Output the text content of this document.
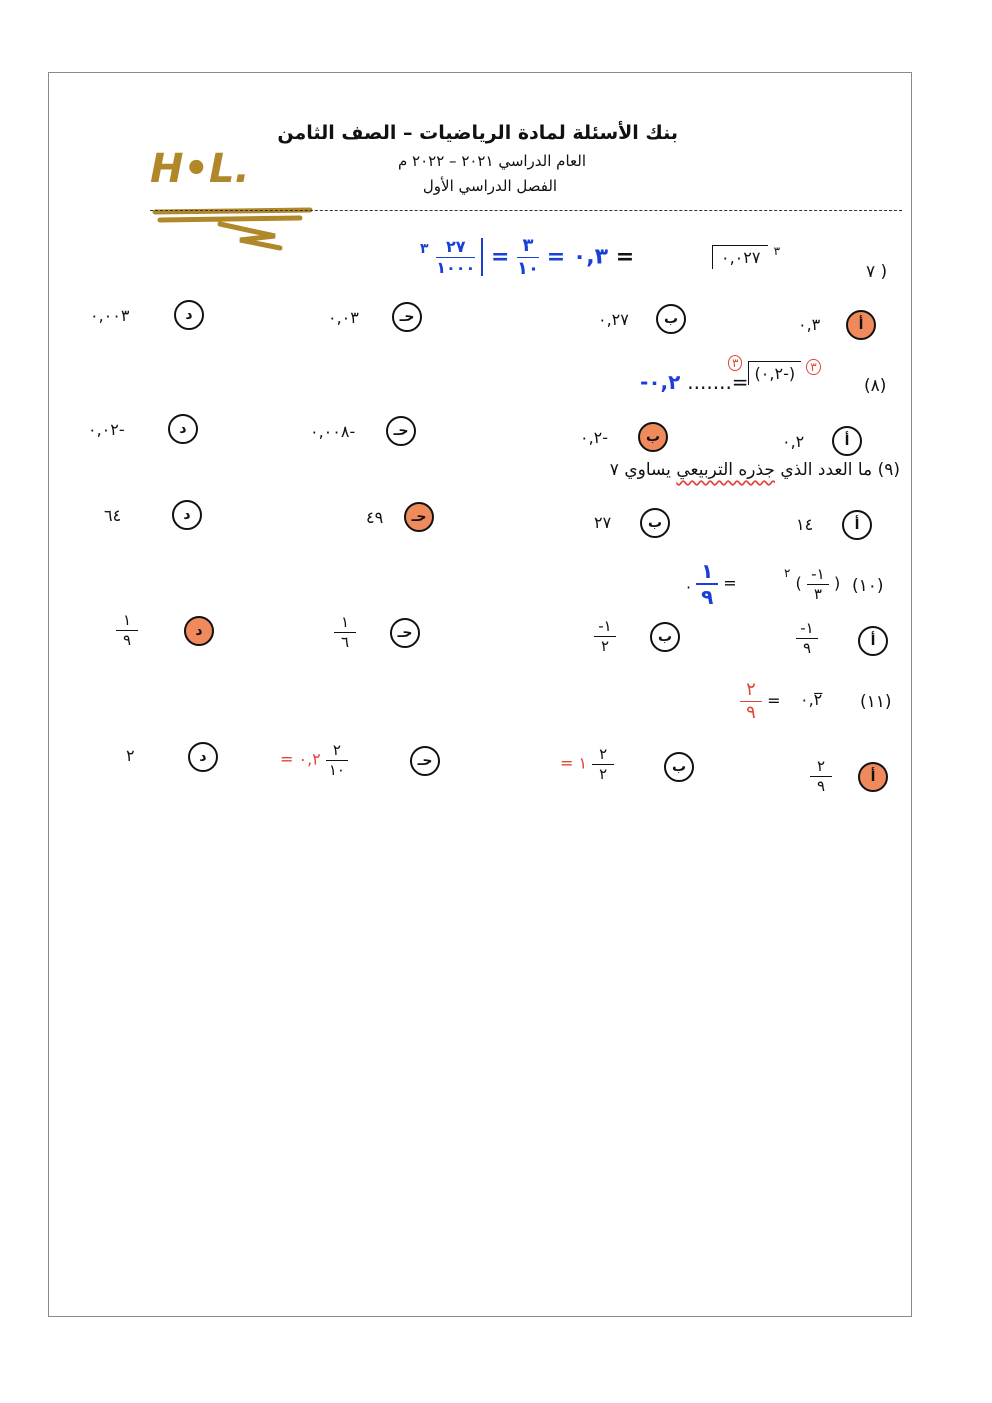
بنك الأسئلة لمادة الرياضيات – الصف الثامن
العام الدراسي ٢٠٢١ – ٢٠٢٢ م
الفصل الدراسي الأول
H•L.
( ٧
$^٣$ ٠,٠٢٧
٠,٣ =
$\frac{٣}{١٠}$
=
$\frac{٢٧}{١٠٠٠}$
$^٣$	=
أ
٠,٣
ب
٠,٢٧
حـ
٠,٠٣
د
٠,٠٠٣
(٨)
$^٣$ (-٠,٢) $^٣$
-٠,٢ .......=
أ
٠,٢
ب
-٠,٢
حـ
-٠,٠٠٨
د
-٠,٠٢
(٩) ما العدد الذي جذره التربيعي يساوي ٧
أ
١٤
ب
٢٧
حـ
٤٩
د
٦٤
(١٠)
$^٢$ ( $\frac{-١}{٣}$ )
. $\frac{١}{٩}$ =
أ
$\frac{-١}{٩}$
ب
$\frac{-١}{٢}$
حـ
$\frac{١}{٦}$
د
$\frac{١}{٩}$
(١١)
٠,٢̅
$\frac{٢}{٩}$ =
أ
$\frac{٢}{٩}$
ب
= ١ $\frac{٢}{٢}$
حـ
= ٠,٢ $\frac{٢}{١٠}$
د
٢
